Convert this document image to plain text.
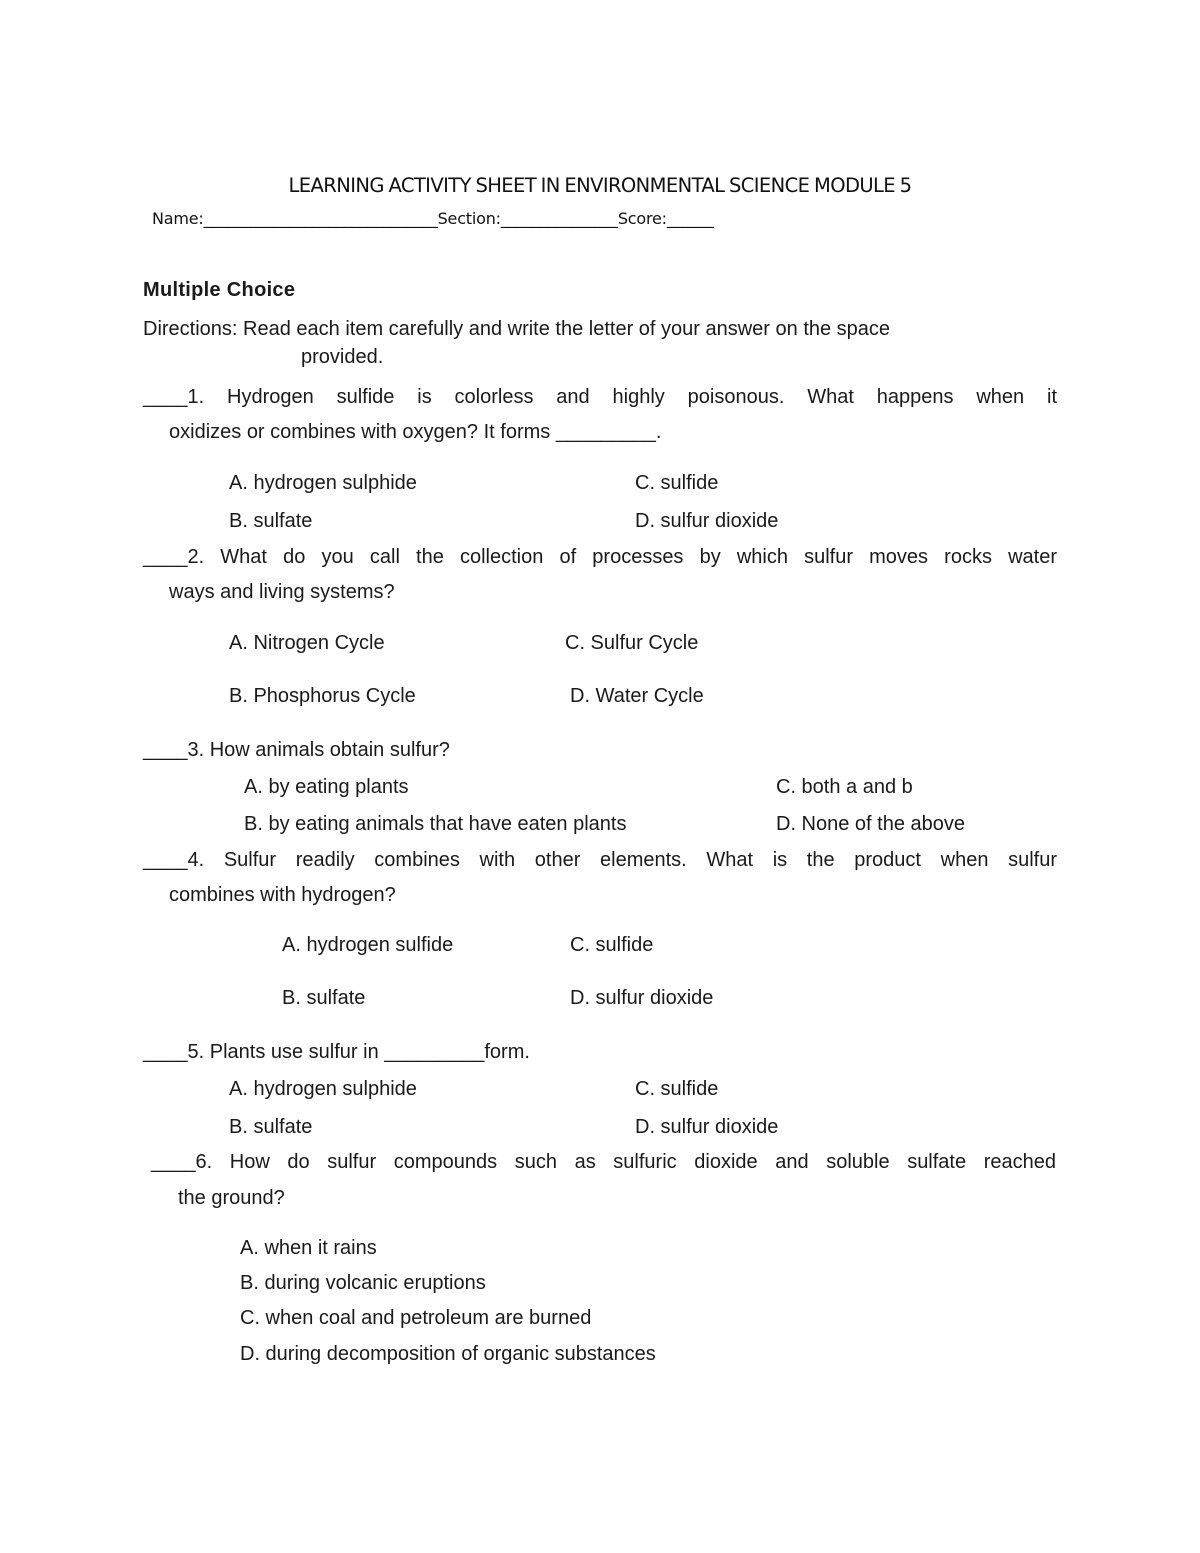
LEARNING ACTIVITY SHEET IN ENVIRONMENTAL SCIENCE MODULE 5
Name:______________________________Section:_______________Score:______
Multiple Choice
Directions: Read each item carefully and write the letter of your answer on the space
provided.
____1. Hydrogen sulfide is colorless and highly poisonous. What happens when it
oxidizes or combines with oxygen? It forms _________.
A. hydrogen sulphide	C. sulfide
B. sulfate	D. sulfur dioxide
____2. What do you call the collection of processes by which sulfur moves rocks water
ways and living systems?
A. Nitrogen Cycle	C. Sulfur Cycle
B. Phosphorus Cycle	D. Water Cycle
____3. How animals obtain sulfur?
A. by eating plants	C. both a and b
B. by eating animals that have eaten plants	D. None of the above
____4. Sulfur readily combines with other elements. What is the product when sulfur
combines with hydrogen?
A. hydrogen sulfide	C. sulfide
B. sulfate	D. sulfur dioxide
____5. Plants use sulfur in _________form.
A. hydrogen sulphide	C. sulfide
B. sulfate	D. sulfur dioxide
____6. How do sulfur compounds such as sulfuric dioxide and soluble sulfate reached
the ground?
A. when it rains
B. during volcanic eruptions
C. when coal and petroleum are burned
D. during decomposition of organic substances
